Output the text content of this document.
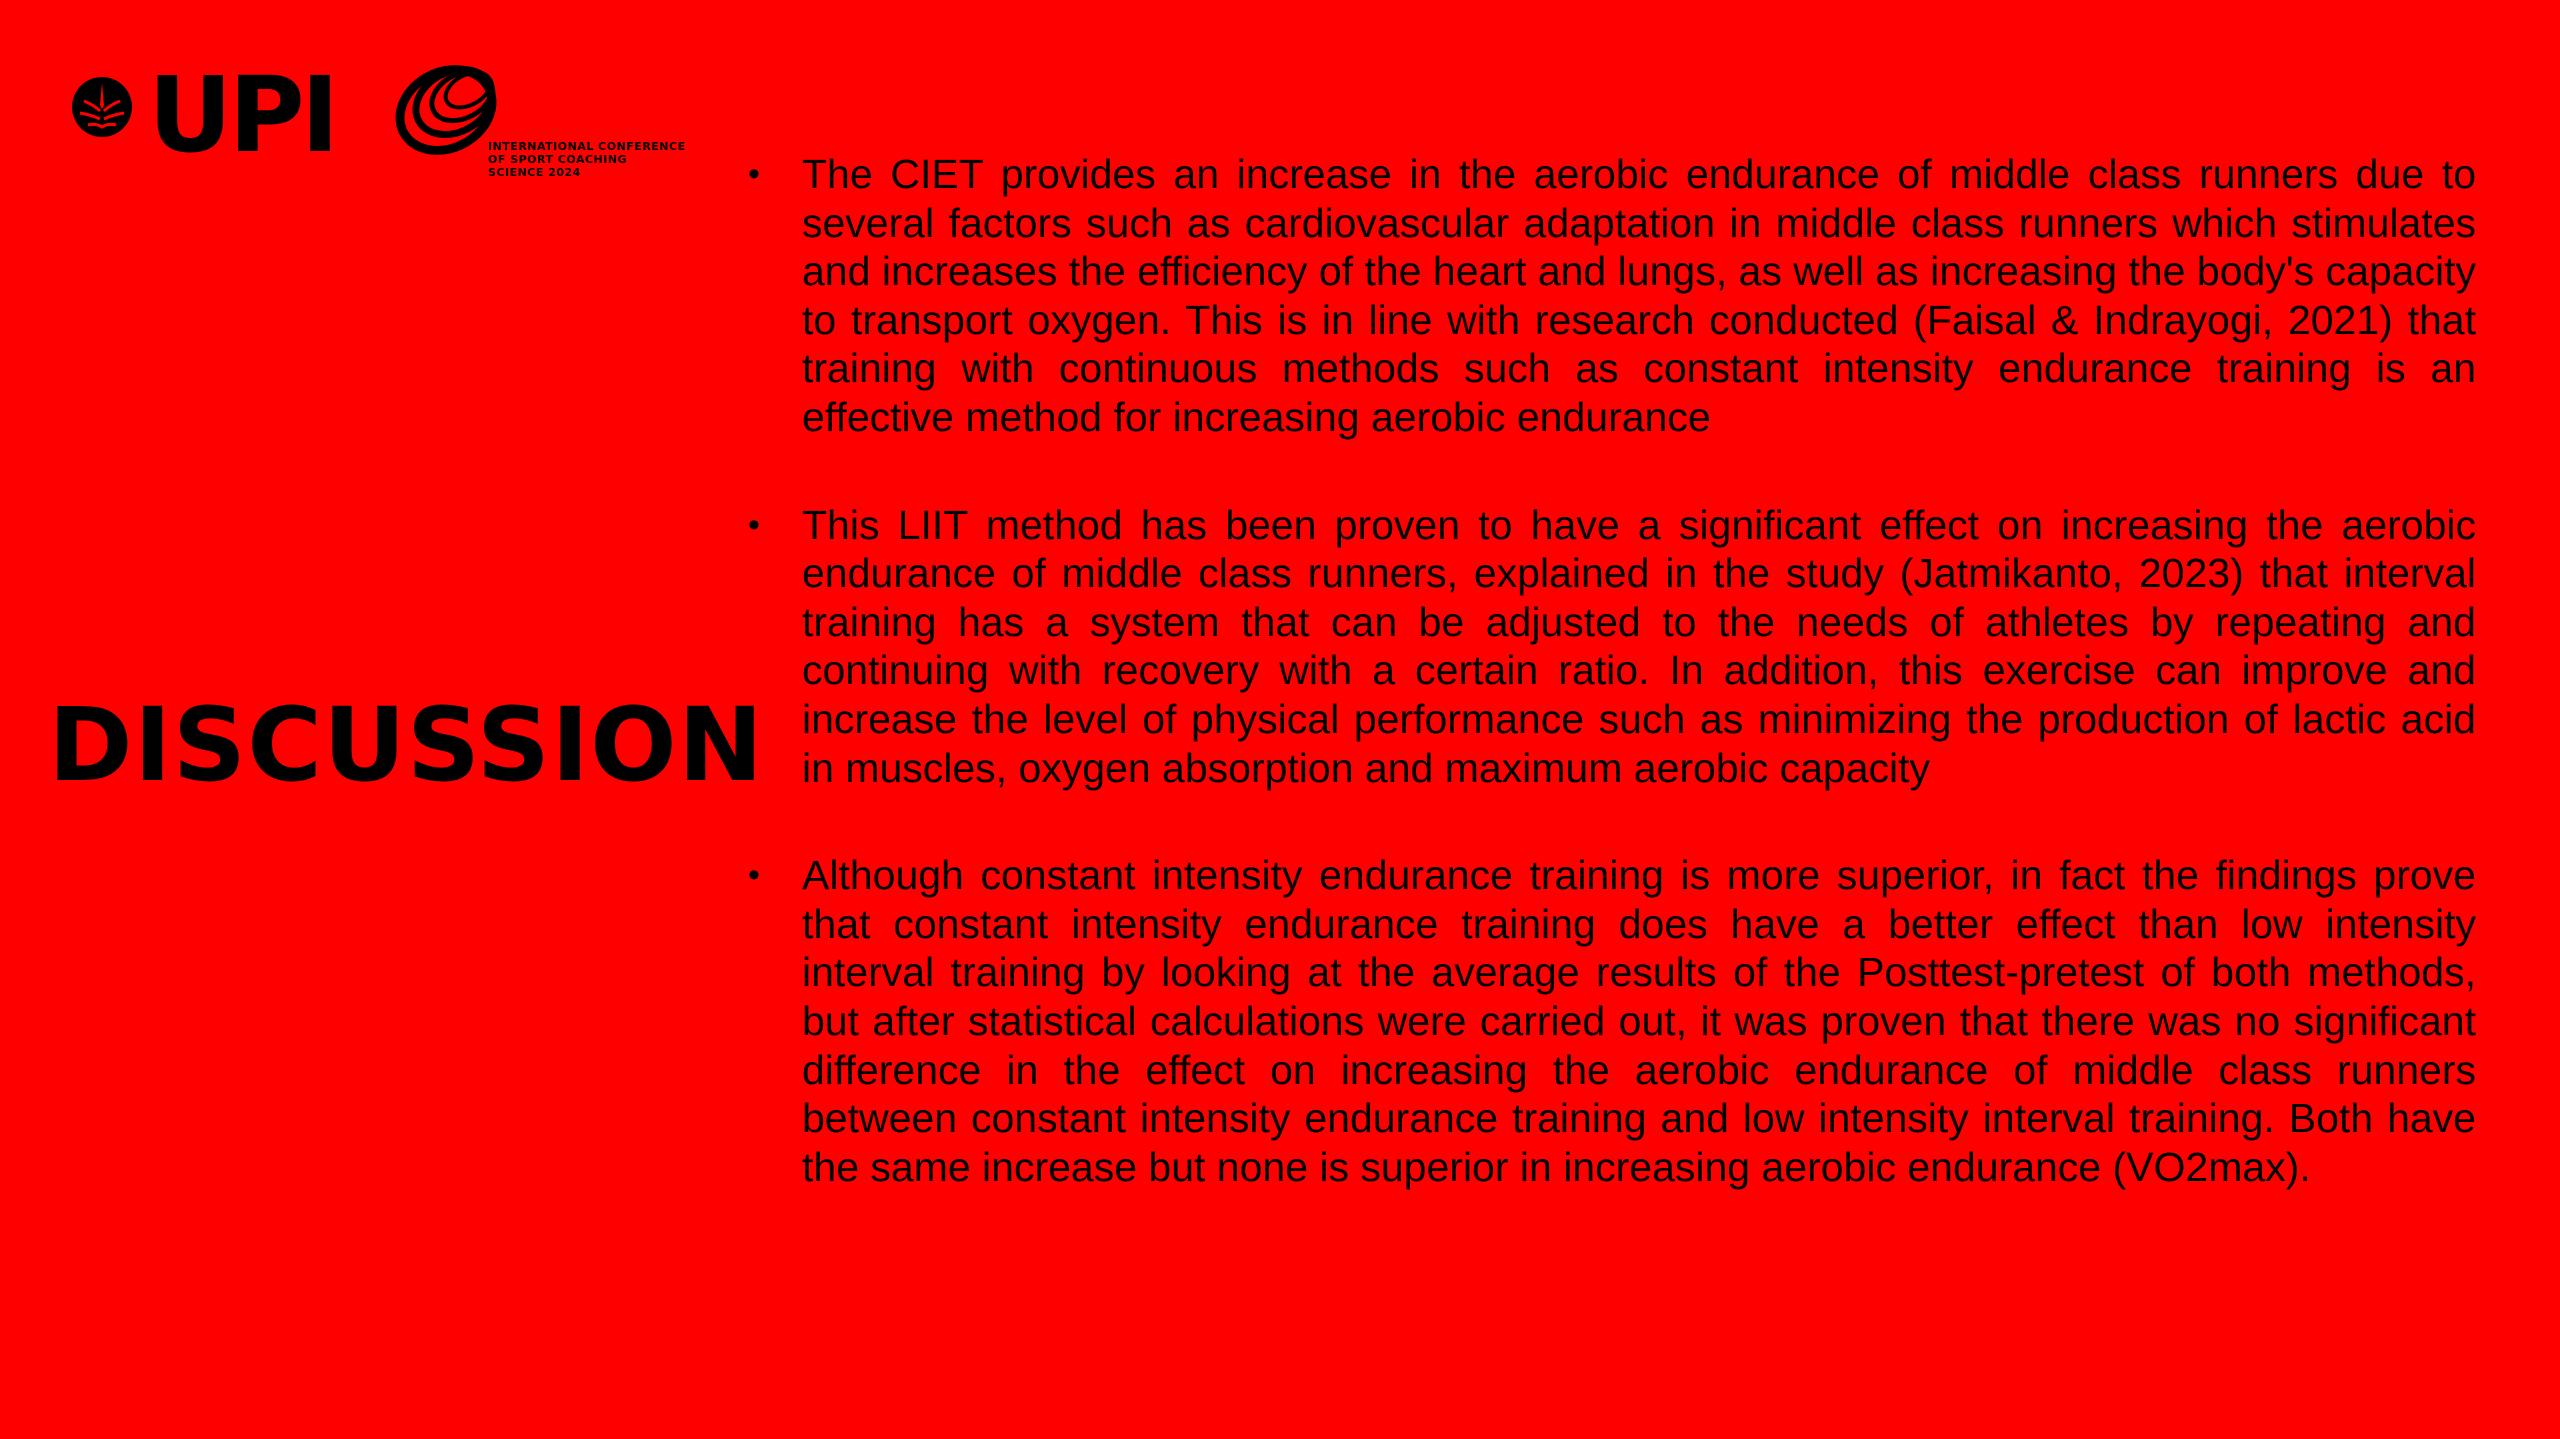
UPI	INTERNATIONAL CONFERENCE
OF SPORT COACHING
SCIENCE 2024
DISCUSSION
• The CIET provides an increase in the aerobic endurance of middle class runners due to several factors such as cardiovascular adaptation in middle class runners which stimulates and increases the efficiency of the heart and lungs, as well as increasing the body's capacity to transport oxygen. This is in line with research conducted (Faisal & Indrayogi, 2021) that training with continuous methods such as constant intensity endurance training is an effective method for increasing aerobic endurance
• This LIIT method has been proven to have a significant effect on increasing the aerobic endurance of middle class runners, explained in the study (Jatmikanto, 2023) that interval training has a system that can be adjusted to the needs of athletes by repeating and continuing with recovery with a certain ratio. In addition, this exercise can improve and increase the level of physical performance such as minimizing the production of lactic acid in muscles, oxygen absorption and maximum aerobic capacity
• Although constant intensity endurance training is more superior, in fact the findings prove that constant intensity endurance training does have a better effect than low intensity interval training by looking at the average results of the Posttest-pretest of both methods, but after statistical calculations were carried out, it was proven that there was no significant difference in the effect on increasing the aerobic endurance of middle class runners between constant intensity endurance training and low intensity interval training. Both have the same increase but none is superior in increasing aerobic endurance (VO2max).
